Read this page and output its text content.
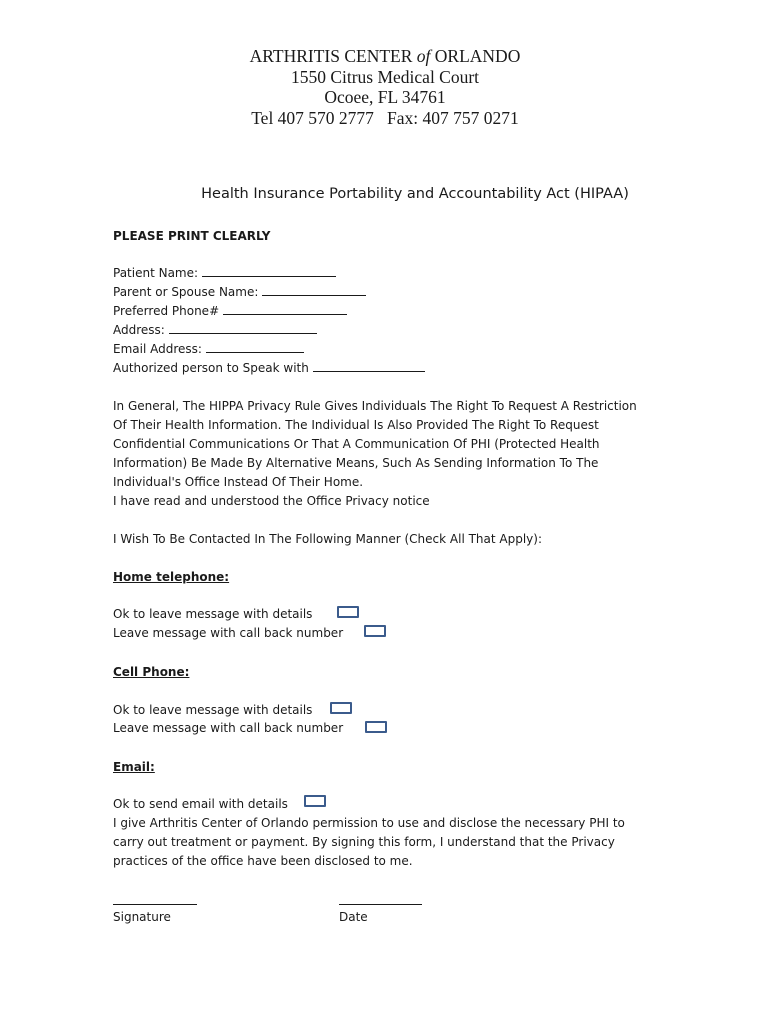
ARTHRITIS CENTER of ORLANDO
1550 Citrus Medical Court
Ocoee, FL 34761
Tel 407 570 2777   Fax: 407 757 0271
Health Insurance Portability and Accountability Act (HIPAA)
PLEASE PRINT CLEARLY
Patient Name:
Parent or Spouse Name:
Preferred Phone#
Address:
Email Address:
Authorized person to Speak with
In General, The HIPPA Privacy Rule Gives Individuals The Right To Request A Restriction
Of Their Health Information. The Individual Is Also Provided The Right To Request
Confidential Communications Or That A Communication Of PHI (Protected Health
Information) Be Made By Alternative Means, Such As Sending Information To The
Individual's Office Instead Of Their Home.
I have read and understood the Office Privacy notice
I Wish To Be Contacted In The Following Manner (Check All That Apply):
Home telephone:
Ok to leave message with details
Leave message with call back number
Cell Phone:
Ok to leave message with details
Leave message with call back number
Email:
Ok to send email with details
I give Arthritis Center of Orlando permission to use and disclose the necessary PHI to
carry out treatment or payment. By signing this form, I understand that the Privacy
practices of the office have been disclosed to me.
Signature	Date
